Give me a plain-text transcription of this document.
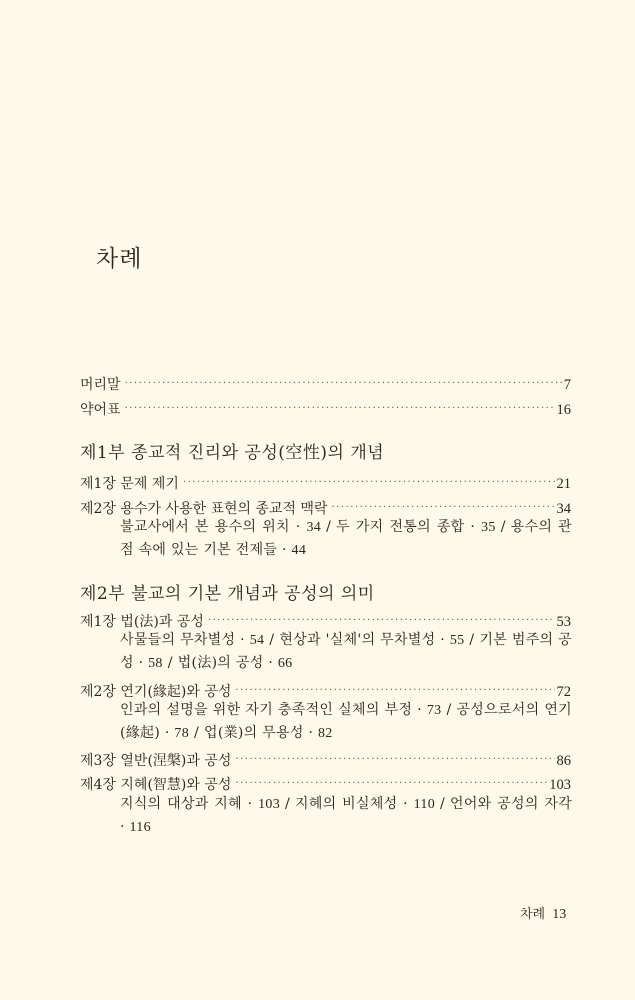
차례
머리말 .....	7
약어표 .....	16
제1부 종교적 진리와 공성(空性)의 개념
제1장 문제 제기 .....	21
제2장 용수가 사용한 표현의 종교적 맥락 .....	34
불교사에서 본 용수의 위치 · 34 / 두 가지 전통의 종합 · 35 / 용수의 관점 속에 있는 기본 전제들 · 44
제2부 불교의 기본 개념과 공성의 의미
제1장 법(法)과 공성 .....	53
사물들의 무차별성 · 54 / 현상과 '실체'의 무차별성 · 55 / 기본 범주의 공성 · 58 / 법(法)의 공성 · 66
제2장 연기(緣起)와 공성 .....	72
인과의 설명을 위한 자기 충족적인 실체의 부정 · 73 / 공성으로서의 연기(緣起) · 78 / 업(業)의 무용성 · 82
제3장 열반(涅槃)과 공성 .....	86
제4장 지혜(智慧)와 공성 .....	103
지식의 대상과 지혜 · 103 / 지혜의 비실체성 · 110 / 언어와 공성의 자각 · 116
차례 13
